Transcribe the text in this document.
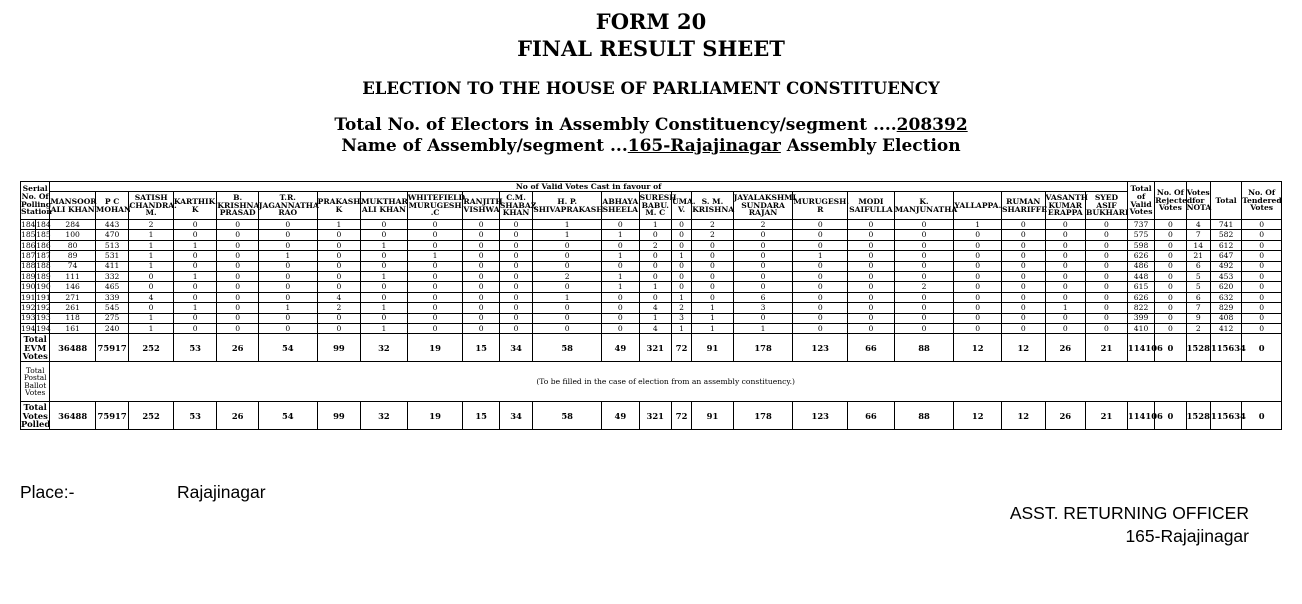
FORM 20
FINAL RESULT SHEET
ELECTION TO THE HOUSE OF PARLIAMENT CONSTITUENCY
Total No. of Electors in Assembly Constituency/segment ....208392
Name of Assembly/segment ...165-Rajajinagar Assembly Election
Serial No. Of Polling Station		No of Valid Votes Cast in favour of																								Total of Valid Votes	No. Of Rejected Votes	Votes for NOTA	Total	No. Of Tendered Votes
		MANSOOR ALI KHAN	P C MOHAN	SATISH CHANDRA. M.	KARTHIK. K	B. KRISHNA PRASAD	T.R. JAGANNATHA RAO	PRAKASH. K	MUKTHAR ALI KHAN	WHITEFIELD MURUGESH .C	RANJITH VISHWA	C.M. SHABAZ KHAN	H. P. SHIVAPRAKASH	ABHAYA SHEELA	SURESH BABU. M. C	UMA. V.	S. M. KRISHNA	JAYALAKSHMI SUNDARA RAJAN	MURUGESH. R	MODI SAIFULLA	K. MANJUNATHA	YALLAPPA.	RUMAN SHARIFFE	VASANTH KUMAR ERAPPA	SYED ASIF BUKHARI					
184	184	284	443	2	0	0	0	1	0	0	0	0	1	0	1	0	2	2	0	0	0	1	0	0	0	737	0	4	741	0
185	185	100	470	1	0	0	0	0	0	0	0	0	1	1	0	0	2	0	0	0	0	0	0	0	0	575	0	7	582	0
186	186	80	513	1	1	0	0	0	1	0	0	0	0	0	2	0	0	0	0	0	0	0	0	0	0	598	0	14	612	0
187	187	89	531	1	0	0	1	0	0	1	0	0	0	1	0	1	0	0	1	0	0	0	0	0	0	626	0	21	647	0
188	188	74	411	1	0	0	0	0	0	0	0	0	0	0	0	0	0	0	0	0	0	0	0	0	0	486	0	6	492	0
189	189	111	332	0	1	0	0	0	1	0	0	0	2	1	0	0	0	0	0	0	0	0	0	0	0	448	0	5	453	0
190	190	146	465	0	0	0	0	0	0	0	0	0	0	1	1	0	0	0	0	0	2	0	0	0	0	615	0	5	620	0
191	191	271	339	4	0	0	0	4	0	0	0	0	1	0	0	1	0	6	0	0	0	0	0	0	0	626	0	6	632	0
192	192	261	545	0	1	0	1	2	1	0	0	0	0	0	4	2	1	3	0	0	0	0	0	1	0	822	0	7	829	0
193	193	118	275	1	0	0	0	0	0	0	0	0	0	0	1	3	1	0	0	0	0	0	0	0	0	399	0	9	408	0
194	194	161	240	1	0	0	0	0	1	0	0	0	0	0	4	1	1	1	0	0	0	0	0	0	0	410	0	2	412	0
Total EVM Votes		36488	75917	252	53	26	54	99	32	19	15	34	58	49	321	72	91	178	123	66	88	12	12	26	21	114106	0	1528	115634	0
Total Postal Ballot Votes		(To be filled in the case of election from an assembly constituency.)																												
Total Votes Polled		36488	75917	252	53	26	54	99	32	19	15	34	58	49	321	72	91	178	123	66	88	12	12	26	21	114106	0	1528	115634	0
Place:-	Rajajinagar
ASST. RETURNING OFFICER
165-Rajajinagar
